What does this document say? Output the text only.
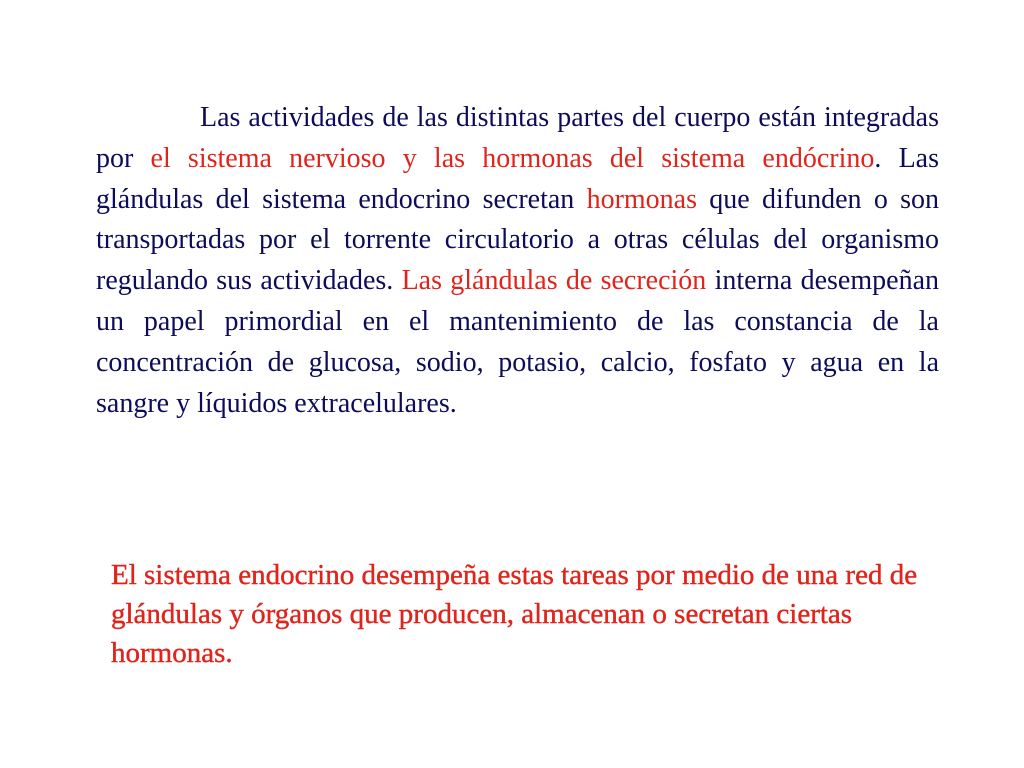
Las actividades de las distintas partes del cuerpo están integradas por el sistema nervioso y las hormonas del sistema endócrino. Las glándulas del sistema endocrino secretan hormonas que difunden o son transportadas por el torrente circulatorio a otras células del organismo regulando sus actividades. Las glándulas de secreción interna desempeñan un papel primordial en el mantenimiento de las constancia de la concentración de glucosa, sodio, potasio, calcio, fosfato y agua en la sangre y líquidos extracelulares.

El sistema endocrino desempeña estas tareas por medio de una red de glándulas y órganos que producen, almacenan o secretan ciertas hormonas.
